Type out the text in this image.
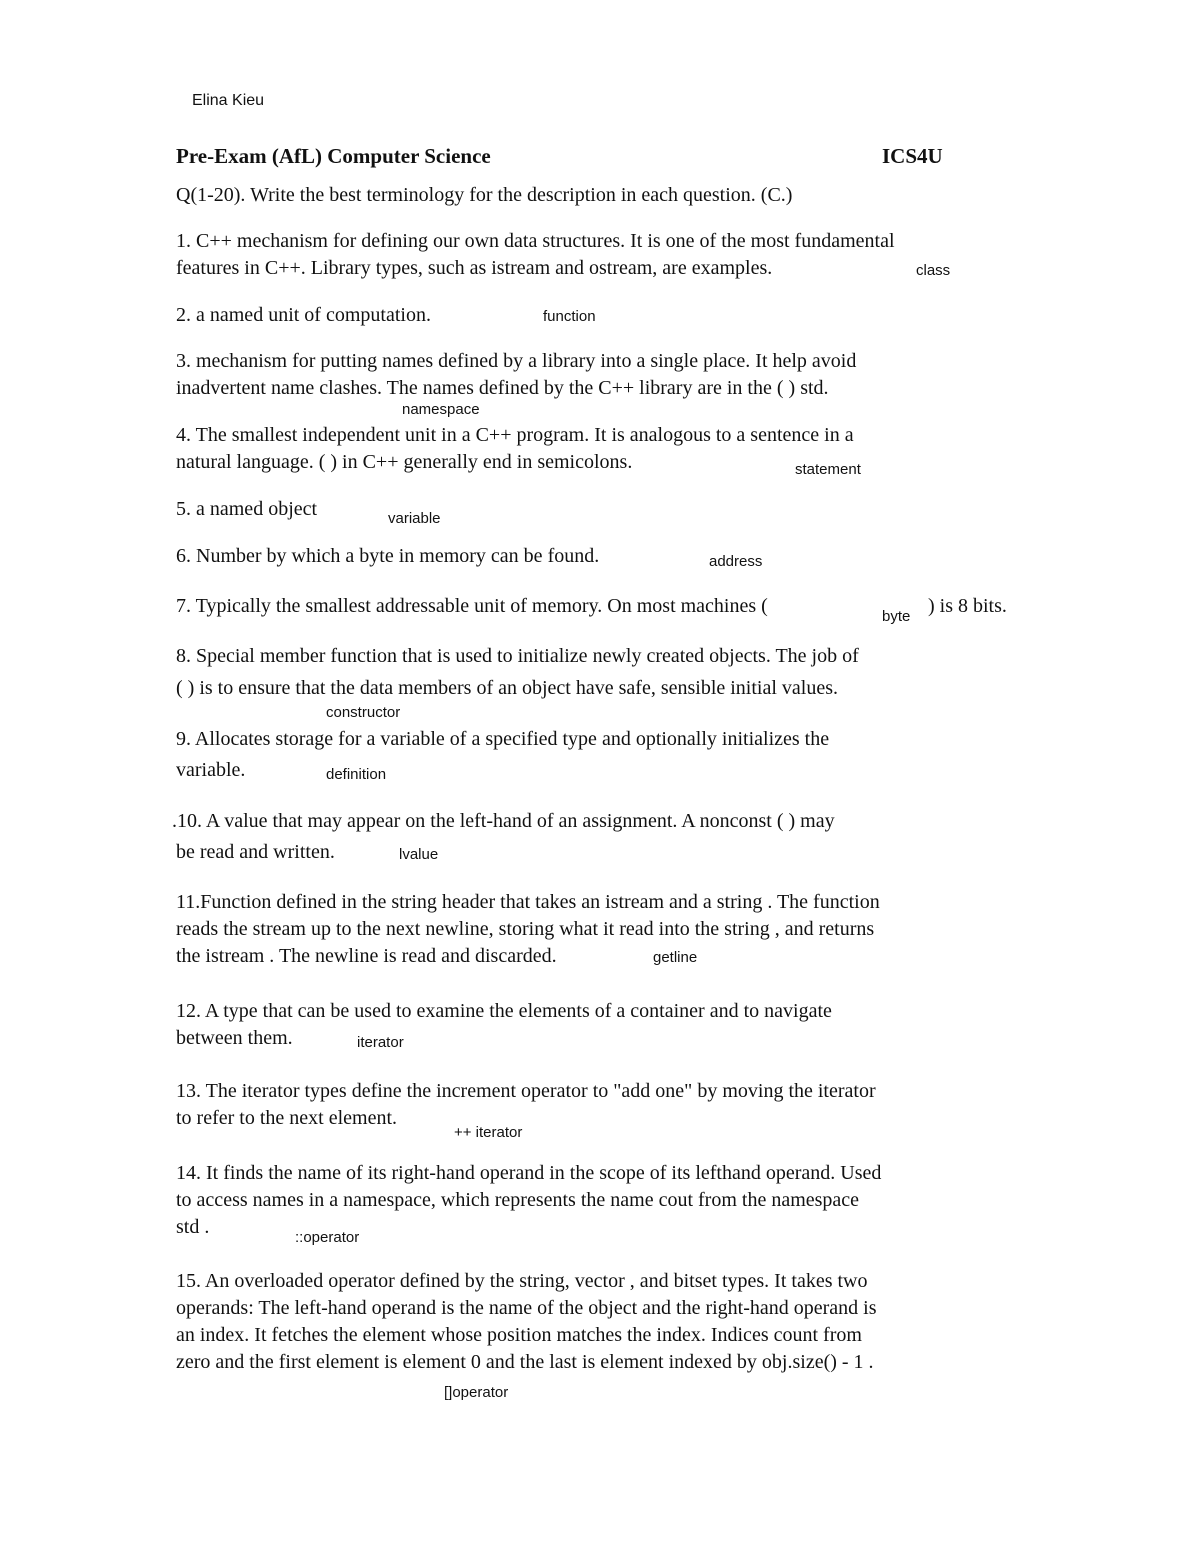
Elina Kieu
Pre-Exam (AfL) Computer Science	ICS4U
Q(1-20). Write the best terminology for the description in each question. (C.)
1. C++ mechanism for defining our own data structures. It is one of the most fundamental
features in C++. Library types, such as istream and ostream, are examples.	class
2. a named unit of computation.	function
3. mechanism for putting names defined by a library into a single place. It help avoid
inadvertent name clashes. The names defined by the C++ library are in the ( ) std.
namespace
4. The smallest independent unit in a C++ program. It is analogous to a sentence in a
natural language. ( ) in C++ generally end in semicolons.	statement
5. a named object	variable
6. Number by which a byte in memory can be found.	address
7. Typically the smallest addressable unit of memory. On most machines (	byte ) is 8 bits.
8. Special member function that is used to initialize newly created objects. The job of
( ) is to ensure that the data members of an object have safe, sensible initial values.
constructor
9. Allocates storage for a variable of a specified type and optionally initializes the
variable.	definition
.10. A value that may appear on the left-hand of an assignment. A nonconst ( ) may
be read and written.	lvalue
11.Function defined in the string header that takes an istream and a string . The function
reads the stream up to the next newline, storing what it read into the string , and returns
the istream . The newline is read and discarded.	getline
12. A type that can be used to examine the elements of a container and to navigate
between them.	iterator
13. The iterator types define the increment operator to "add one" by moving the iterator
to refer to the next element.
++ iterator
14. It finds the name of its right-hand operand in the scope of its lefthand operand. Used
to access names in a namespace, which represents the name cout from the namespace
std .	::operator
15. An overloaded operator defined by the string, vector , and bitset types. It takes two
operands: The left-hand operand is the name of the object and the right-hand operand is
an index. It fetches the element whose position matches the index. Indices count from
zero and the first element is element 0 and the last is element indexed by obj.size() - 1 .
[]operator
